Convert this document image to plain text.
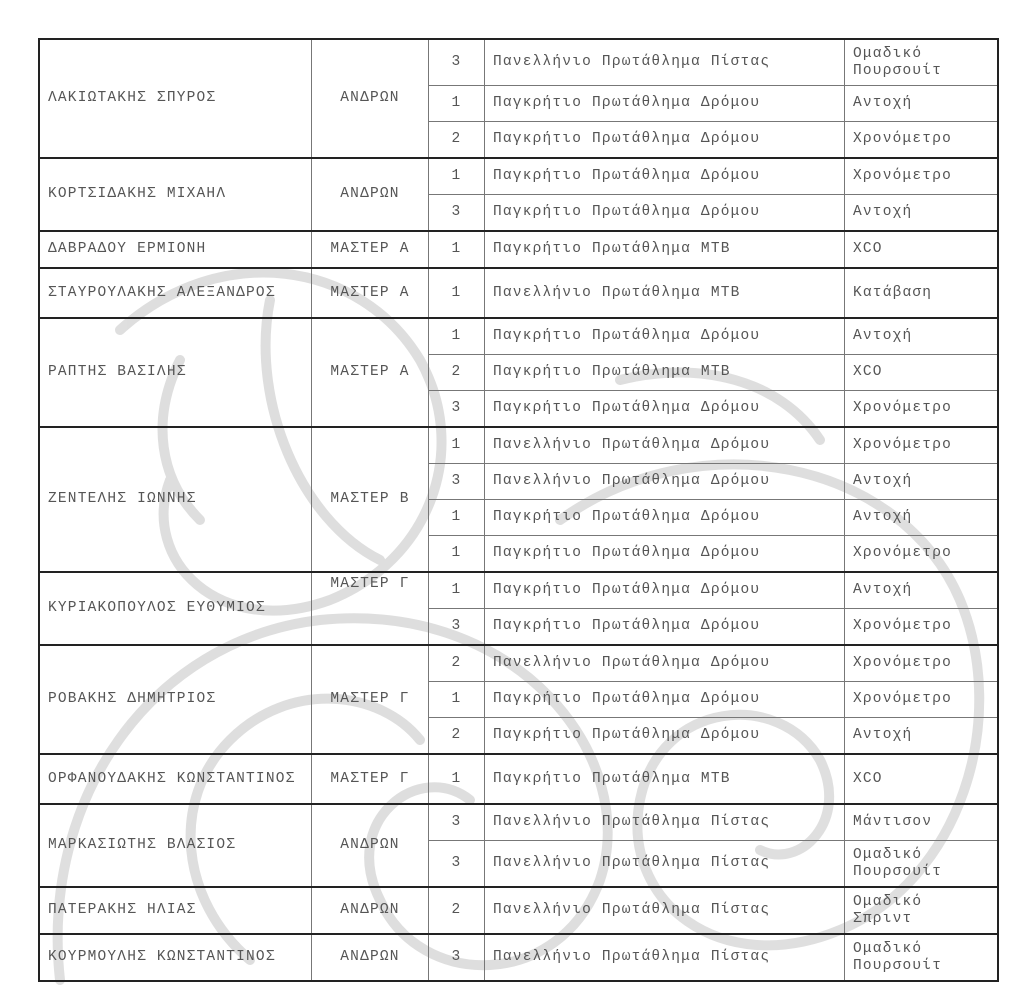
ΛΑΚΙΩΤΑΚΗΣ ΣΠΥΡΟΣ	ΑΝΔΡΩΝ	3	Πανελλήνιο Πρωτάθλημα Πίστας	Ομαδικό Πουρσουίτ
		1	Παγκρήτιο Πρωτάθλημα Δρόμου	Αντοχή
		2	Παγκρήτιο Πρωτάθλημα Δρόμου	Χρονόμετρο
ΚΟΡΤΣΙΔΑΚΗΣ ΜΙΧΑΗΛ	ΑΝΔΡΩΝ	1	Παγκρήτιο Πρωτάθλημα Δρόμου	Χρονόμετρο
		3	Παγκρήτιο Πρωτάθλημα Δρόμου	Αντοχή
ΔΑΒΡΑΔΟΥ ΕΡΜΙΟΝΗ	ΜΑΣΤΕΡ Α	1	Παγκρήτιο Πρωτάθλημα ΜΤΒ	XCO
ΣΤΑΥΡΟΥΛΑΚΗΣ ΑΛΕΞΑΝΔΡΟΣ	ΜΑΣΤΕΡ Α	1	Πανελλήνιο Πρωτάθλημα ΜΤΒ	Κατάβαση
ΡΑΠΤΗΣ ΒΑΣΙΛΗΣ	ΜΑΣΤΕΡ Α	1	Παγκρήτιο Πρωτάθλημα Δρόμου	Αντοχή
		2	Παγκρήτιο Πρωτάθλημα ΜΤΒ	XCO
		3	Παγκρήτιο Πρωτάθλημα Δρόμου	Χρονόμετρο
ΖΕΝΤΕΛΗΣ ΙΩΝΝΗΣ	ΜΑΣΤΕΡ Β	1	Πανελλήνιο Πρωτάθλημα Δρόμου	Χρονόμετρο
		3	Πανελλήνιο Πρωτάθλημα Δρόμου	Αντοχή
		1	Παγκρήτιο Πρωτάθλημα Δρόμου	Αντοχή
		1	Παγκρήτιο Πρωτάθλημα Δρόμου	Χρονόμετρο
ΚΥΡΙΑΚΟΠΟΥΛΟΣ ΕΥΘΥΜΙΟΣ	ΜΑΣΤΕΡ Γ	1	Παγκρήτιο Πρωτάθλημα Δρόμου	Αντοχή
		3	Παγκρήτιο Πρωτάθλημα Δρόμου	Χρονόμετρο
ΡΟΒΑΚΗΣ ΔΗΜΗΤΡΙΟΣ	ΜΑΣΤΕΡ Γ	2	Πανελλήνιο Πρωτάθλημα Δρόμου	Χρονόμετρο
		1	Παγκρήτιο Πρωτάθλημα Δρόμου	Χρονόμετρο
		2	Παγκρήτιο Πρωτάθλημα Δρόμου	Αντοχή
ΟΡΦΑΝΟΥΔΑΚΗΣ ΚΩΝΣΤΑΝΤΙΝΟΣ	ΜΑΣΤΕΡ Γ	1	Παγκρήτιο Πρωτάθλημα ΜΤΒ	XCO
ΜΑΡΚΑΣΙΩΤΗΣ ΒΛΑΣΙΟΣ	ΑΝΔΡΩΝ	3	Πανελλήνιο Πρωτάθλημα Πίστας	Μάντισον
		3	Πανελλήνιο Πρωτάθλημα Πίστας	Ομαδικό Πουρσουίτ
ΠΑΤΕΡΑΚΗΣ ΗΛΙΑΣ	ΑΝΔΡΩΝ	2	Πανελλήνιο Πρωτάθλημα Πίστας	Ομαδικό Σπριντ
ΚΟΥΡΜΟΥΛΗΣ ΚΩΝΣΤΑΝΤΙΝΟΣ	ΑΝΔΡΩΝ	3	Πανελλήνιο Πρωτάθλημα Πίστας	Ομαδικό Πουρσουίτ
